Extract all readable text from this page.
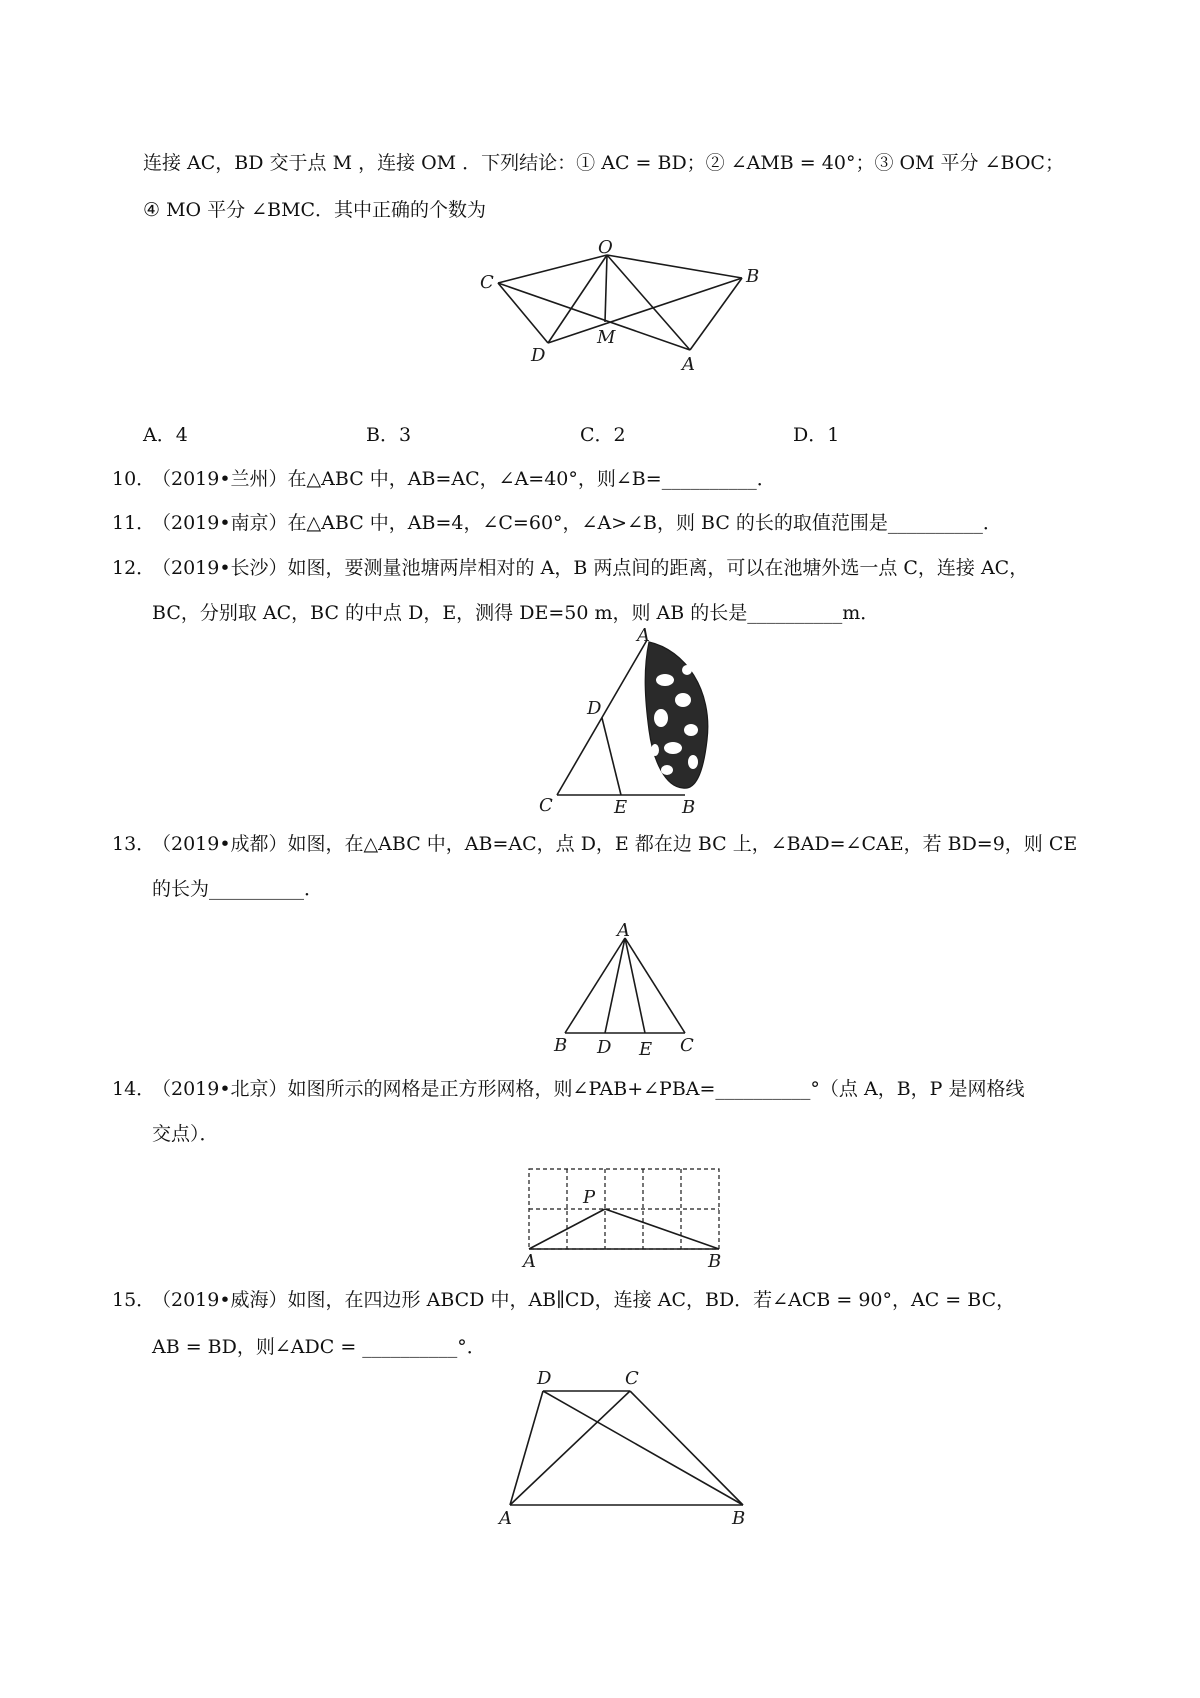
连接 AC，BD 交于点 M ，连接 OM ．下列结论：① AC = BD；② ∠AMB = 40°；③ OM 平分 ∠BOC；
④ MO 平分 ∠BMC．其中正确的个数为
O
C	B
M
D	A
A．4	B．3	C．2	D．1
10．
（2019•兰州）在△ABC 中，AB=AC，∠A=40°，则∠B=__________．
11．
（2019•南京）在△ABC 中，AB=4，∠C=60°，∠A>∠B，则 BC 的长的取值范围是__________．
12．
（2019•长沙）如图，要测量池塘两岸相对的 A，B 两点间的距离，可以在池塘外选一点 C，连接 AC，
BC，分别取 AC，BC 的中点 D，E，测得 DE=50 m，则 AB 的长是__________m．
A
D
C	E	B
13．
（2019•成都）如图，在△ABC 中，AB=AC，点 D，E 都在边 BC 上，∠BAD=∠CAE，若 BD=9，则 CE
的长为__________．
A
B D E C
14．
（2019•北京）如图所示的网格是正方形网格，则∠PAB+∠PBA=__________°（点 A，B，P 是网格线
交点）．
P
A	B
15．
（2019•威海）如图，在四边形 ABCD 中，AB∥CD，连接 AC，BD．若∠ACB = 90°，AC = BC，
AB = BD，则∠ADC = __________°．
D	C
A	B
